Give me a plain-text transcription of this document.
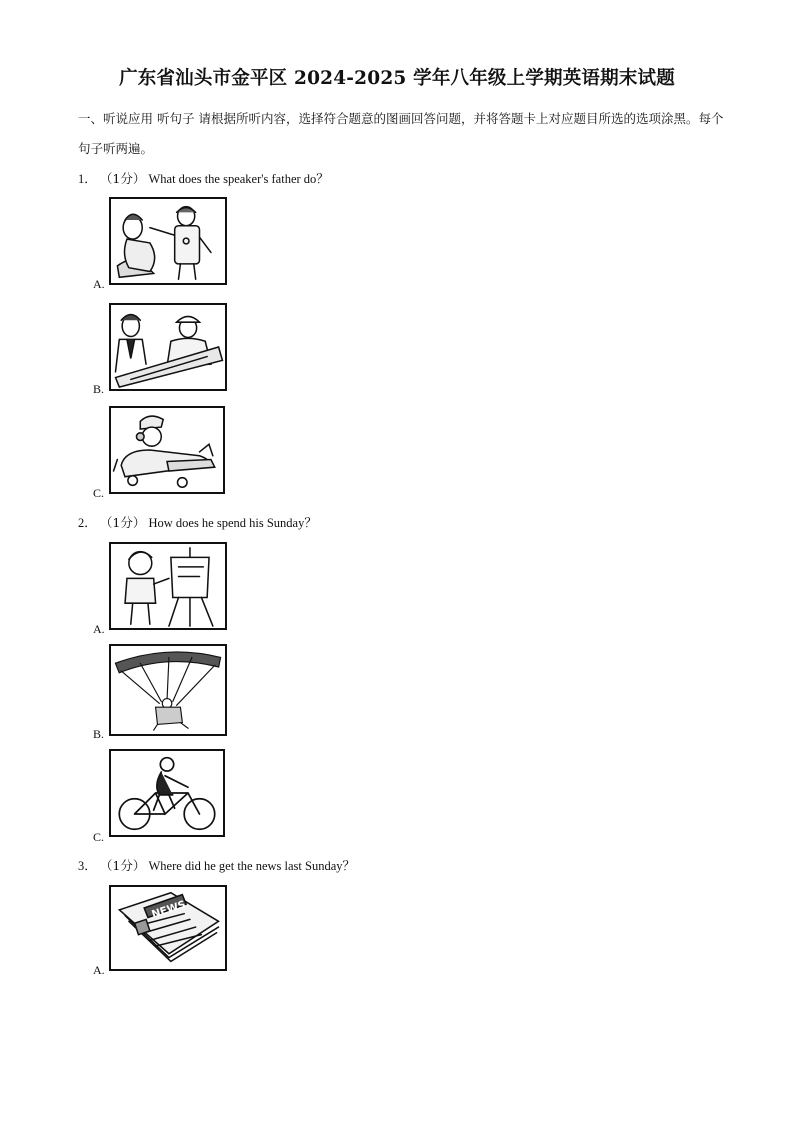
广东省汕头市金平区 2024-2025 学年八年级上学期英语期末试题
一、听说应用 听句子 请根据所听内容，选择符合题意的图画回答问题，并将答题卡上对应题目所选的选项涂黑。每个句子听两遍。
1． （1分） What does the speaker's father do？
A.
B.
C.
2． （1分） How does he spend his Sunday？
A.
B.
C.
3． （1分） Where did he get the news last Sunday？
NEWS
A.
